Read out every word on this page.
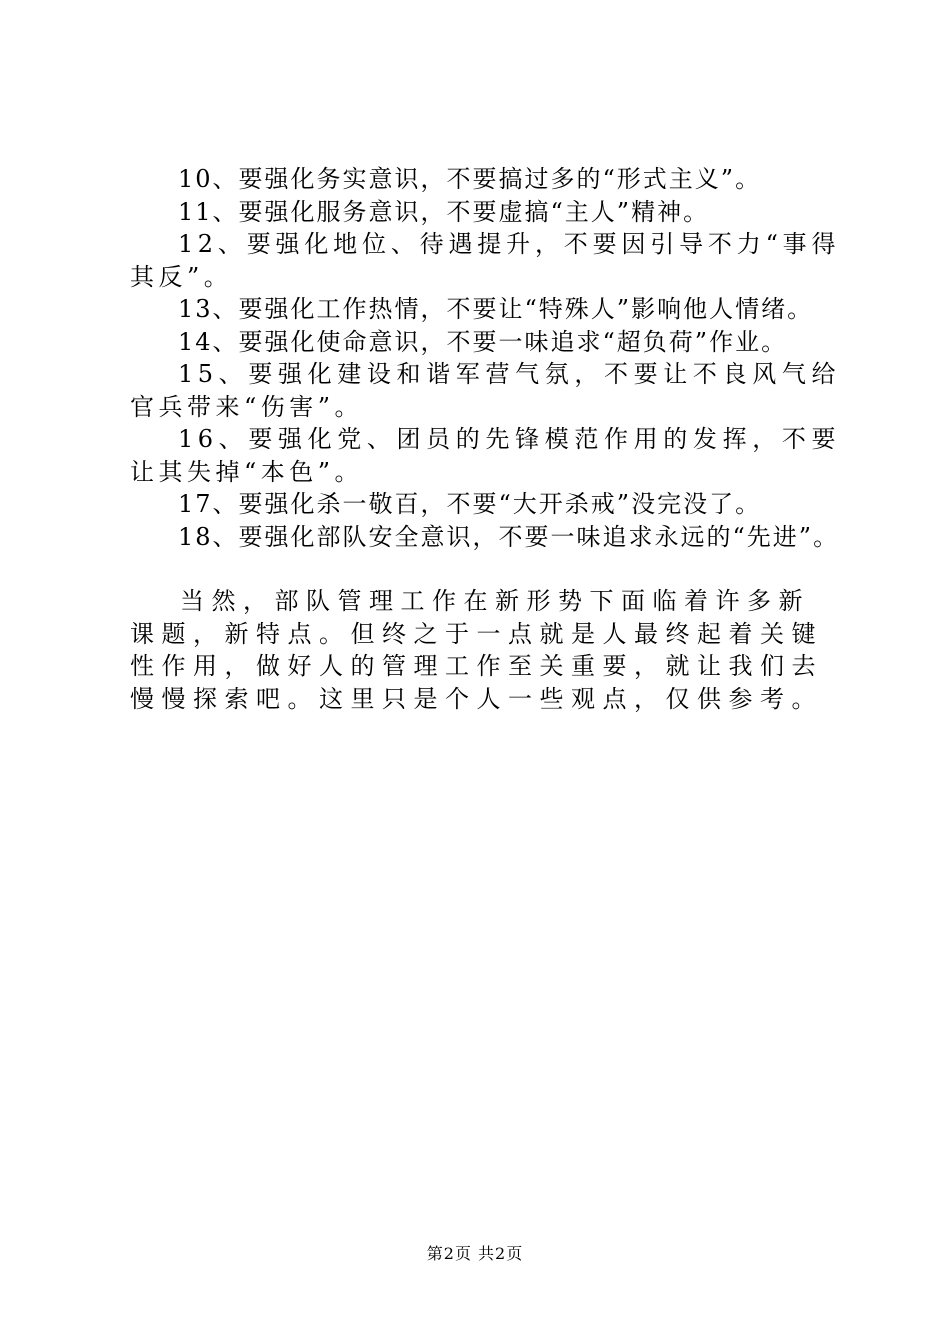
10、要强化务实意识，不要搞过多的“形式主义”。

11、要强化服务意识，不要虚搞“主人”精神。

12、要强化地位、待遇提升，不要因引导不力“事得其反”。

13、要强化工作热情，不要让“特殊人”影响他人情绪。

14、要强化使命意识，不要一味追求“超负荷”作业。

15、要强化建设和谐军营气氛，不要让不良风气给官兵带来“伤害”。

16、要强化党、团员的先锋模范作用的发挥，不要让其失掉“本色”。

17、要强化杀一敬百，不要“大开杀戒”没完没了。

18、要强化部队安全意识，不要一味追求永远的“先进”。

当然，部队管理工作在新形势下面临着许多新课题，新特点。但终之于一点就是人最终起着关键性作用，做好人的管理工作至关重要，就让我们去慢慢探索吧。这里只是个人一些观点，仅供参考。

第2页 共2页
